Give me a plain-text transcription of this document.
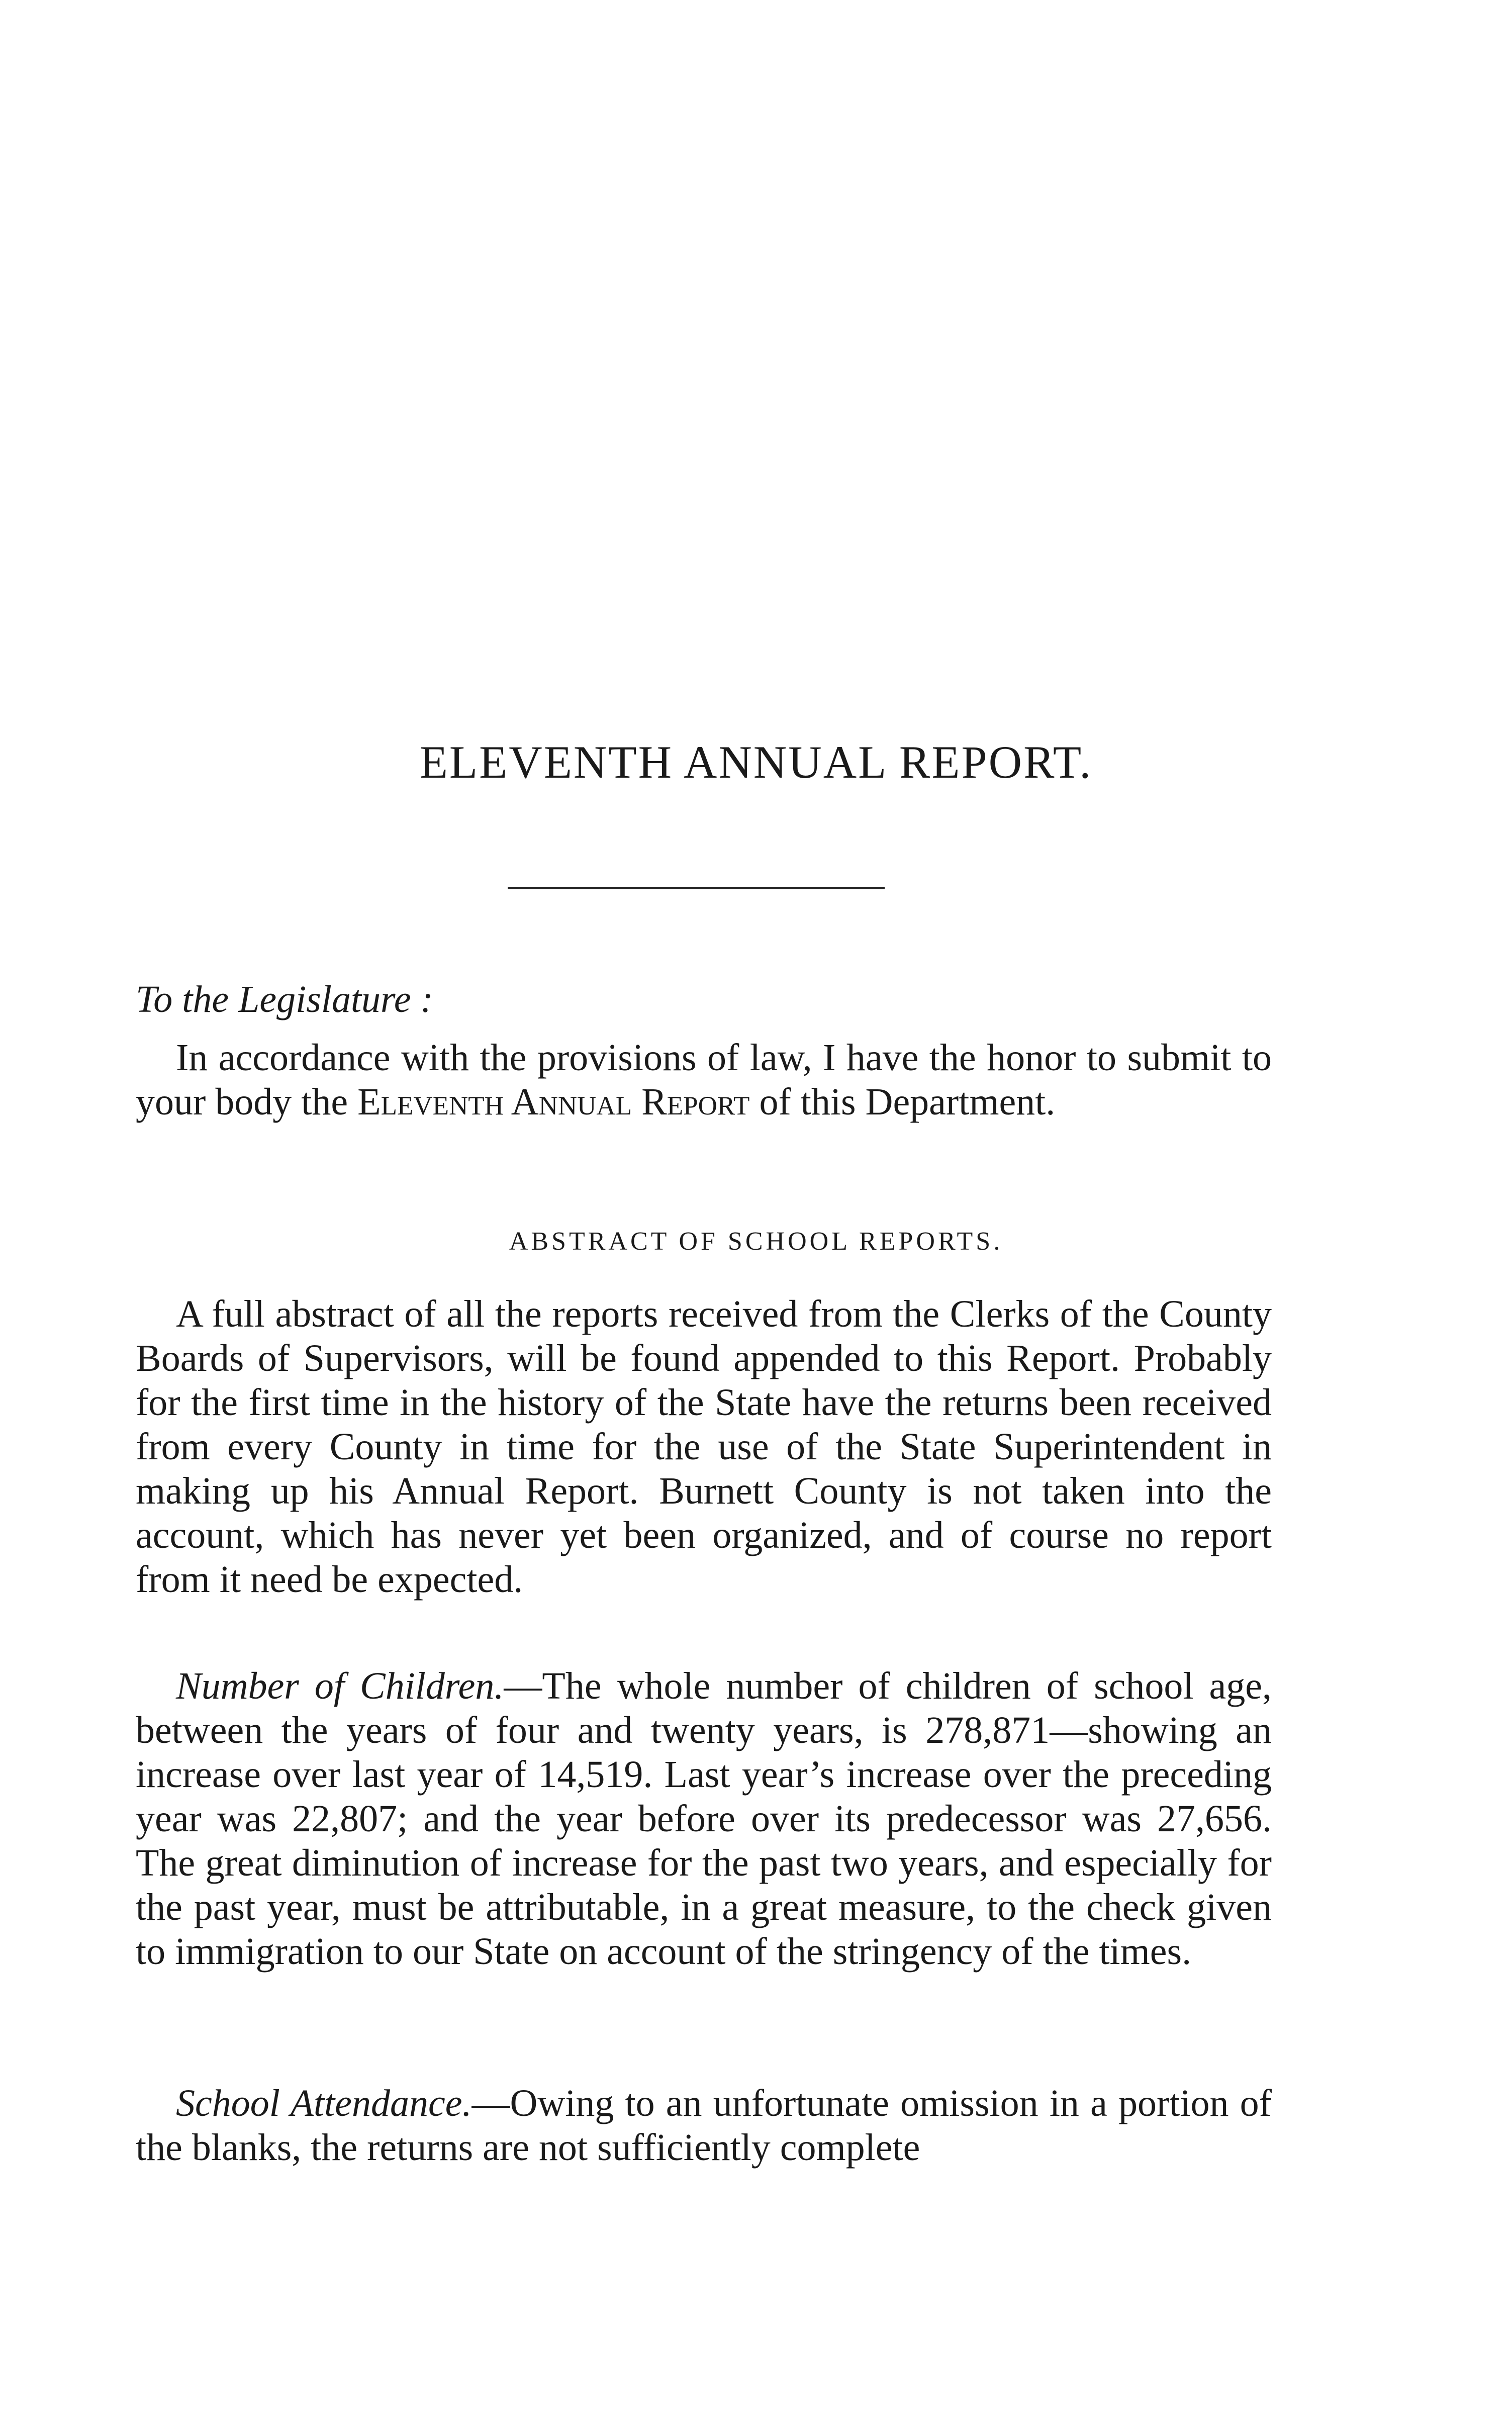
ELEVENTH ANNUAL REPORT.
To the Legislature :

In accordance with the provisions of law, I have the honor to submit to your body the Eleventh Annual Report of this Department.

ABSTRACT OF SCHOOL REPORTS.

A full abstract of all the reports received from the Clerks of the County Boards of Supervisors, will be found appended to this Report. Probably for the first time in the history of the State have the returns been received from every County in time for the use of the State Superintendent in making up his Annual Report. Burnett County is not taken into the account, which has never yet been organized, and of course no report from it need be expected.

Number of Children.—The whole number of children of school age, between the years of four and twenty years, is 278,871—showing an increase over last year of 14,519. Last year’s increase over the preceding year was 22,807; and the year before over its predecessor was 27,656. The great diminution of increase for the past two years, and especially for the past year, must be attributable, in a great measure, to the check given to immigration to our State on account of the stringency of the times.

School Attendance.—Owing to an unfortunate omission in a portion of the blanks, the returns are not sufficiently complete
